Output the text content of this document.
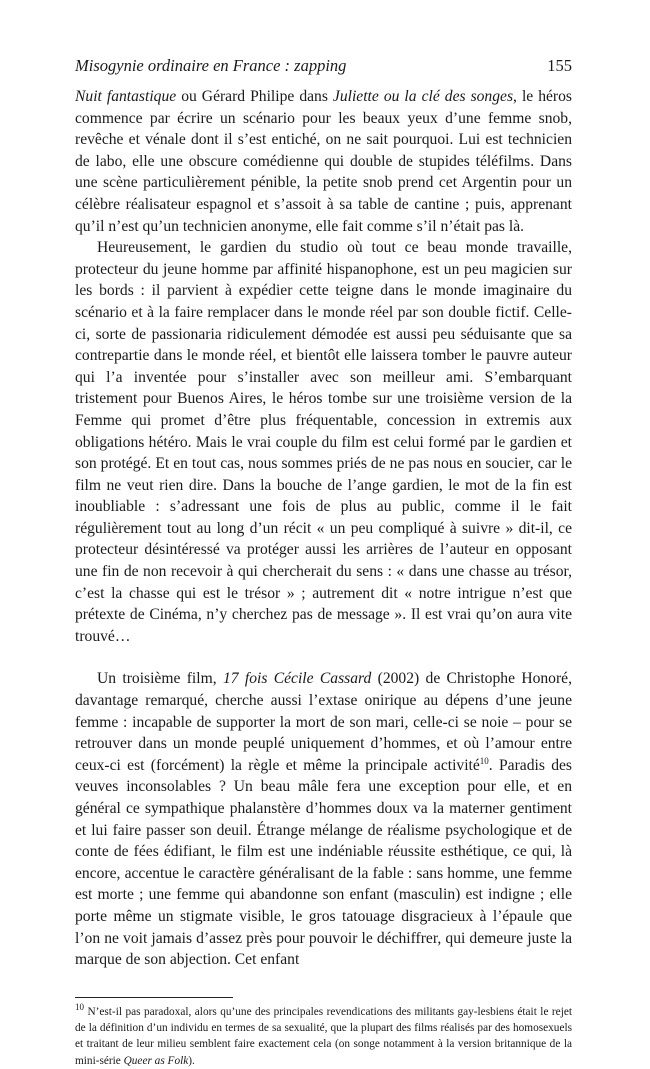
Misogynie ordinaire en France : zapping	155

Nuit fantastique ou Gérard Philipe dans Juliette ou la clé des songes, le héros commence par écrire un scénario pour les beaux yeux d’une femme snob, revêche et vénale dont il s’est entiché, on ne sait pourquoi. Lui est technicien de labo, elle une obscure comédienne qui double de stupides téléfilms. Dans une scène particulièrement pénible, la petite snob prend cet Argentin pour un célèbre réalisateur espagnol et s’assoit à sa table de cantine ; puis, apprenant qu’il n’est qu’un technicien anonyme, elle fait comme s’il n’était pas là.

Heureusement, le gardien du studio où tout ce beau monde travaille, protecteur du jeune homme par affinité hispanophone, est un peu magicien sur les bords : il parvient à expédier cette teigne dans le monde imaginaire du scénario et à la faire remplacer dans le monde réel par son double fictif. Celle-ci, sorte de passionaria ridiculement démodée est aussi peu séduisante que sa contrepartie dans le monde réel, et bientôt elle laissera tomber le pauvre auteur qui l’a inventée pour s’installer avec son meilleur ami. S’embarquant tristement pour Buenos Aires, le héros tombe sur une troisième version de la Femme qui promet d’être plus fréquentable, concession in extremis aux obligations hétéro. Mais le vrai couple du film est celui formé par le gardien et son protégé. Et en tout cas, nous sommes priés de ne pas nous en soucier, car le film ne veut rien dire. Dans la bouche de l’ange gardien, le mot de la fin est inoubliable : s’adressant une fois de plus au public, comme il le fait régulièrement tout au long d’un récit « un peu compliqué à suivre » dit-il, ce protecteur désintéressé va protéger aussi les arrières de l’auteur en opposant une fin de non recevoir à qui chercherait du sens : « dans une chasse au trésor, c’est la chasse qui est le trésor » ; autrement dit « notre intrigue n’est que prétexte de Cinéma, n’y cherchez pas de message ». Il est vrai qu’on aura vite trouvé…

Un troisième film, 17 fois Cécile Cassard (2002) de Christophe Honoré, davantage remarqué, cherche aussi l’extase onirique au dépens d’une jeune femme : incapable de supporter la mort de son mari, celle-ci se noie – pour se retrouver dans un monde peuplé uniquement d’hommes, et où l’amour entre ceux-ci est (forcément) la règle et même la principale activité$^{10}$. Paradis des veuves inconsolables ? Un beau mâle fera une exception pour elle, et en général ce sympathique phalanstère d’hommes doux va la materner gentiment et lui faire passer son deuil. Étrange mélange de réalisme psychologique et de conte de fées édifiant, le film est une indéniable réussite esthétique, ce qui, là encore, accentue le caractère généralisant de la fable : sans homme, une femme est morte ; une femme qui abandonne son enfant (masculin) est indigne ; elle porte même un stigmate visible, le gros tatouage disgracieux à l’épaule que l’on ne voit jamais d’assez près pour pouvoir le déchiffrer, qui demeure juste la marque de son abjection. Cet enfant

$^{10}$ N’est-il pas paradoxal, alors qu’une des principales revendications des militants gay-lesbiens était le rejet de la définition d’un individu en termes de sa sexualité, que la plupart des films réalisés par des homosexuels et traitant de leur milieu semblent faire exactement cela (on songe notamment à la version britannique de la mini-série Queer as Folk).
